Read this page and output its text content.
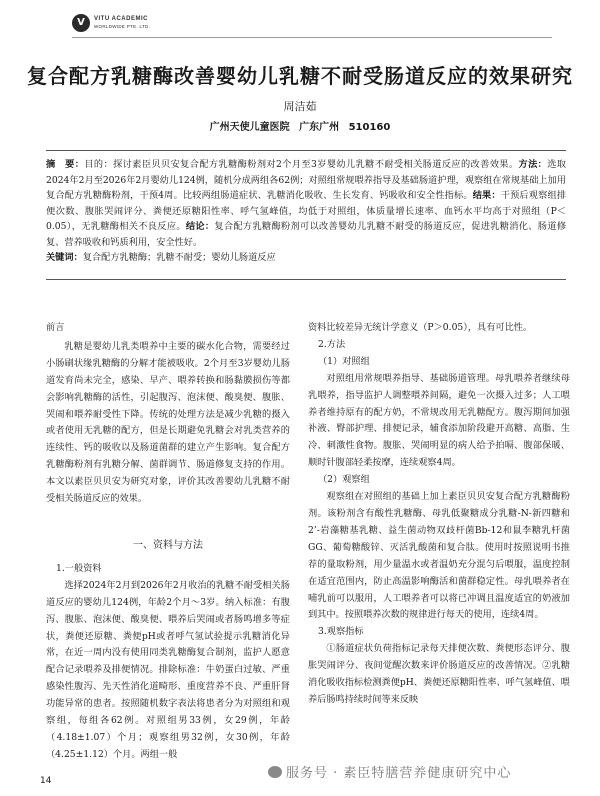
V	VITU ACADEMIC
WORLDWIDE PTE. LTD.
复合配方乳糖酶改善婴幼儿乳糖不耐受肠道反应的效果研究
周洁茹
广州天使儿童医院 广东广州 510160

摘　要：目的：探讨素臣贝贝安复合配方乳糖酶粉剂对2个月至3岁婴幼儿乳糖不耐受相关肠道反应的改善效果。方法：选取2024年2月至2026年2月婴幼儿124例，随机分成两组各62例；对照组常规喂养指导及基础肠道护理，观察组在常规基础上加用复合配方乳糖酶粉剂，干预4周。比较两组肠道症状、乳糖消化吸收、生长发育、钙吸收和安全性指标。结果：干预后观察组排便次数、腹胀哭闹评分、粪便还原糖阳性率、呼气氢峰值，均低于对照组，体质量增长速率、血钙水平均高于对照组（P＜0.05），无乳糖酶相关不良反应。结论：复合配方乳糖酶粉剂可以改善婴幼儿乳糖不耐受的肠道反应，促进乳糖消化、肠道修复、营养吸收和钙质利用，安全性好。

关键词：复合配方乳糖酶；乳糖不耐受；婴幼儿肠道反应

前言

乳糖是婴幼儿乳类喂养中主要的碳水化合物，需要经过小肠刷状缘乳糖酶的分解才能被吸收。2个月至3岁婴幼儿肠道发育尚未完全，感染、早产、喂养转换和肠黏膜损伤等都会影响乳糖酶的活性，引起腹泻、泡沫便、酸臭便、腹胀、哭闹和喂养耐受性下降。传统的处理方法是减少乳糖的摄入或者使用无乳糖的配方，但是长期避免乳糖会对乳类营养的连续性、钙的吸收以及肠道菌群的建立产生影响。复合配方乳糖酶粉剂有乳糖分解、菌群调节、肠道修复支持的作用。本文以素臣贝贝安为研究对象，评价其改善婴幼儿乳糖不耐受相关肠道反应的效果。

一、资料与方法

1.一般资料

选择2024年2月到2026年2月收治的乳糖不耐受相关肠道反应的婴幼儿124例，年龄2个月～3岁。纳入标准：有腹泻、腹胀、泡沫便、酸臭便、喂养后哭闹或者肠鸣增多等症状，粪便还原糖、粪便pH或者呼气氢试验提示乳糖消化异常，在近一周内没有使用同类乳糖酶复合制剂，监护人愿意配合记录喂养及排便情况。排除标准：牛奶蛋白过敏、严重感染性腹泻、先天性消化道畸形、重度营养不良、严重肝肾功能异常的患者。按照随机数字表法将患者分为对照组和观察组，每组各62例。对照组男33例，女29例，年龄（4.18±1.07）个月；观察组男32例，女30例，年龄（4.25±1.12）个月。两组一般

资料比较差异无统计学意义（P＞0.05），具有可比性。

2.方法

（1）对照组

对照组用常规喂养指导、基础肠道管理。母乳喂养者继续母乳喂养，指导监护人调整喂养间隔，避免一次摄入过多；人工喂养者维持原有的配方奶，不常规改用无乳糖配方。腹泻期间加强补液、臀部护理、排便记录，辅食添加阶段避开高糖、高脂、生冷、刺激性食物。腹胀、哭闹明显的病人给予拍嗝、腹部保暖、顺时针腹部轻柔按摩，连续观察4周。

（2）观察组

观察组在对照组的基础上加上素臣贝贝安复合配方乳糖酶粉剂。该粉剂含有酸性乳糖酶、母乳低聚糖成分乳糖-N-新四糖和2’-岩藻糖基乳糖、益生菌动物双歧杆菌Bb-12和鼠李糖乳杆菌GG、葡萄糖酸锌、灭活乳酸菌和复合肽。使用时按照说明书推荐的量取粉剂，用少量温水或者温奶充分混匀后喂服，温度控制在适宜范围内，防止高温影响酶活和菌群稳定性。母乳喂养者在哺乳前可以服用，人工喂养者可以将已冲调且温度适宜的奶液加到其中。按照喂养次数的规律进行每天的使用，连续4周。

3.观察指标

①肠道症状负荷指标记录每天排便次数、粪便形态评分、腹胀哭闹评分、夜间觉醒次数来评价肠道反应的改善情况。②乳糖消化吸收指标检测粪便pH、粪便还原糖阳性率、呼气氢峰值、喂养后肠鸣持续时间等来反映

14	服务号 · 素臣特膳营养健康研究中心
